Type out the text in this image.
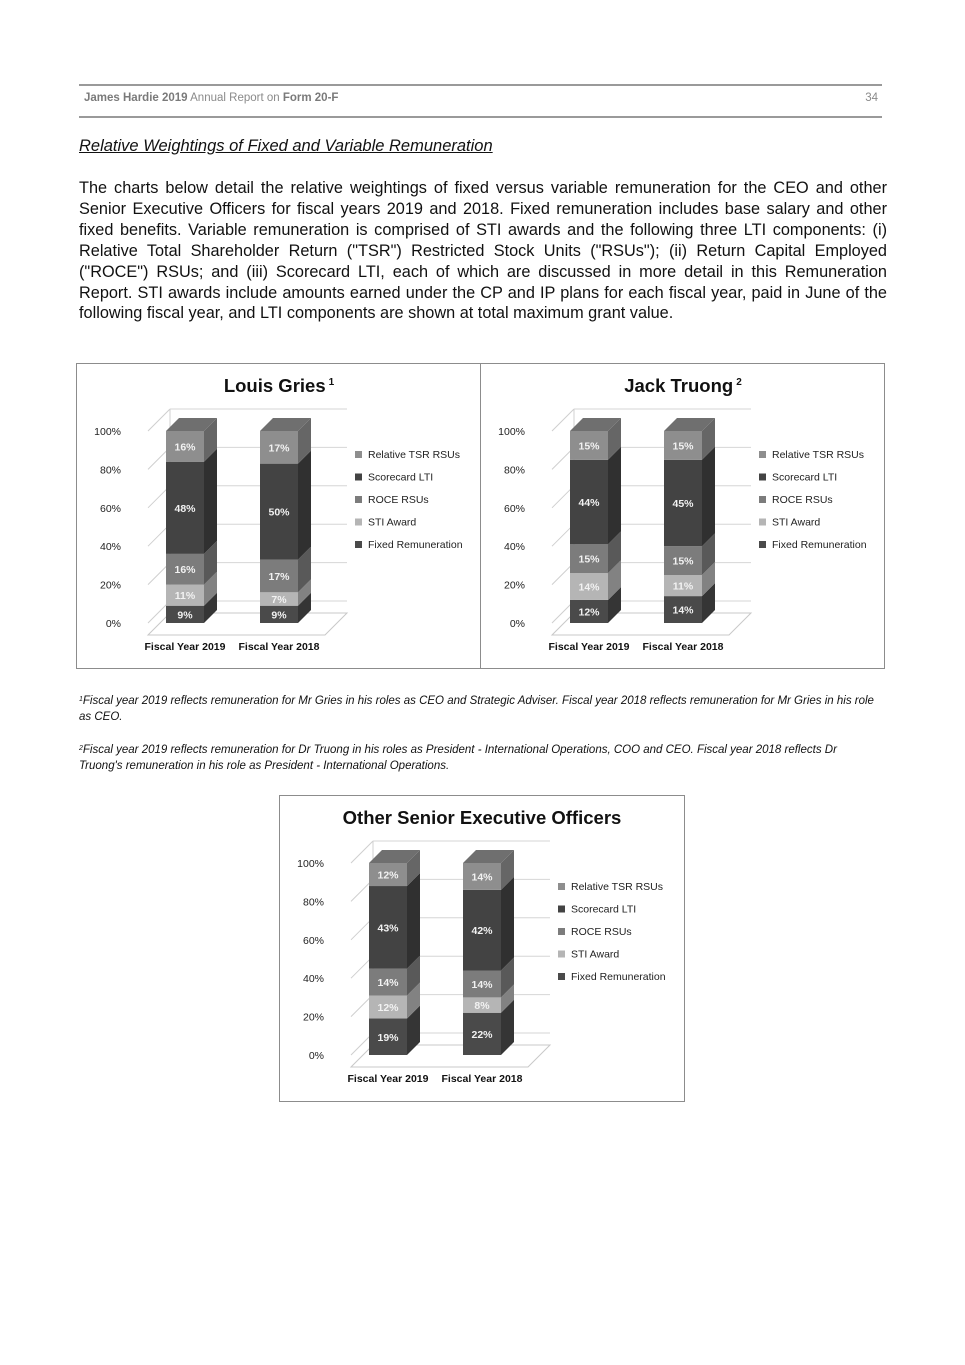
James Hardie 2019 Annual Report on Form 20-F	34
Relative Weightings of Fixed and Variable Remuneration
The charts below detail the relative weightings of fixed versus variable remuneration for the CEO and other Senior Executive Officers for fiscal years 2019 and 2018. Fixed remuneration includes base salary and other fixed benefits. Variable remuneration is comprised of STI awards and the following three LTI components: (i) Relative Total Shareholder Return ("TSR") Restricted Stock Units ("RSUs"); (ii) Return Capital Employed ("ROCE") RSUs; and (iii) Scorecard LTI, each of which are discussed in more detail in this Remuneration Report. STI awards include amounts earned under the CP and IP plans for each fiscal year, paid in June of the following fiscal year, and LTI components are shown at total maximum grant value.
Louis Gries $^1$
0%
20%
40%
60%
80%
100%
9%
11%
16%
48%
16%
Fiscal Year 2019
9%
7%
17%
50%
17%
Fiscal Year 2018
Relative TSR RSUs
Scorecard LTI
ROCE RSUs
STI Award
Fixed Remuneration
Jack Truong $^2$
0%
20%
40%
60%
80%
100%
12%
14%
15%
44%
15%
Fiscal Year 2019
14%
11%
15%
45%
15%
Fiscal Year 2018
Relative TSR RSUs
Scorecard LTI
ROCE RSUs
STI Award
Fixed Remuneration
$^1$Fiscal year 2019 reflects remuneration for Mr Gries in his roles as CEO and Strategic Adviser. Fiscal year 2018 reflects remuneration for Mr Gries in his role as CEO.
$^2$Fiscal year 2019 reflects remuneration for Dr Truong in his roles as President - International Operations, COO and CEO. Fiscal year 2018 reflects Dr Truong's remuneration in his role as President - International Operations.
Other Senior Executive Officers
0%
20%
40%
60%
80%
100%
19%
12%
14%
43%
12%
Fiscal Year 2019
22%
8%
14%
42%
14%
Fiscal Year 2018
Relative TSR RSUs
Scorecard LTI
ROCE RSUs
STI Award
Fixed Remuneration
